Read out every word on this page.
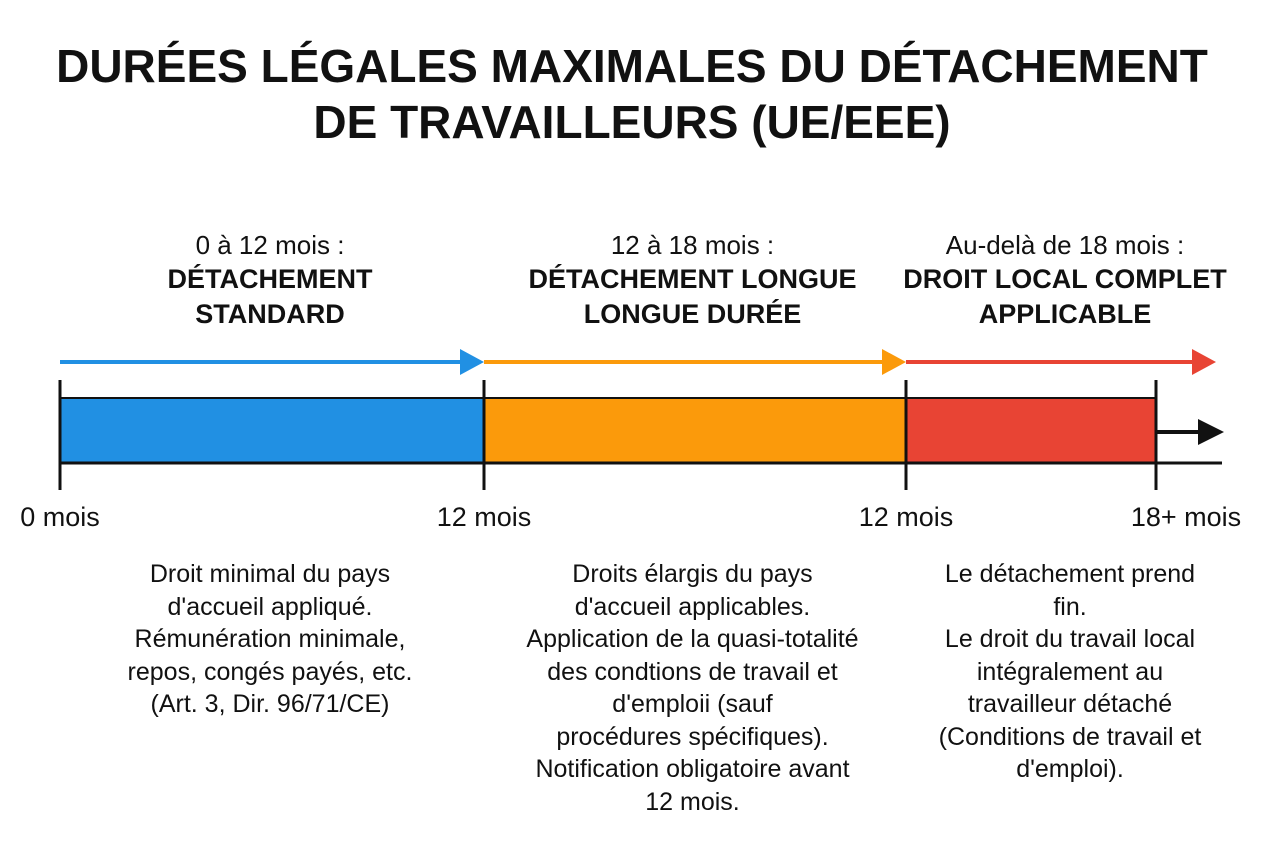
DURÉES LÉGALES MAXIMALES DU DÉTACHEMENT
DE TRAVAILLEURS (UE/EEE)
0 à 12 mois :
DÉTACHEMENT
STANDARD
12 à 18 mois :
DÉTACHEMENT LONGUE
LONGUE DURÉE
Au-delà de 18 mois :
DROIT LOCAL COMPLET
APPLICABLE
0 mois	12 mois	12 mois	18+ mois
Droit minimal du pays
d'accueil appliqué.
Rémunération minimale,
repos, congés payés, etc.
(Art. 3, Dir. 96/71/CE)
Droits élargis du pays
d'accueil applicables.
Application de la quasi-totalité
des condtions de travail et
d'emploii (sauf
procédures spécifiques).
Notification obligatoire avant
12 mois.
Le détachement prend
fin.
Le droit du travail local
intégralement au
travailleur détaché
(Conditions de travail et
d'emploi).
